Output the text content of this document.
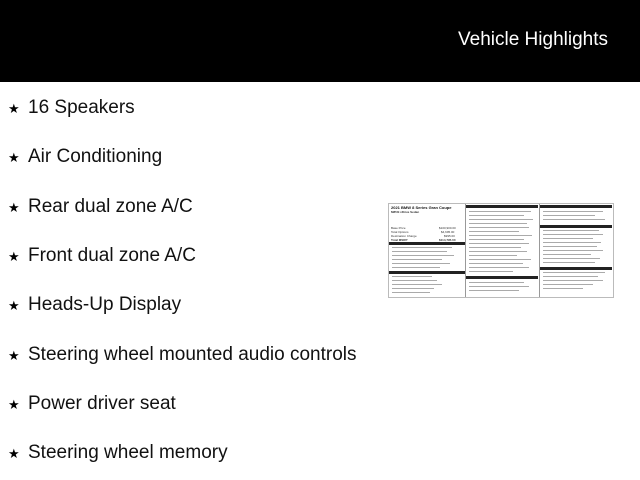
Vehicle Highlights
★ 16 Speakers
★ Air Conditioning
★ Rear dual zone A/C
★ Front dual zone A/C
★ Heads-Up Display
★ Steering wheel mounted audio controls
★ Power driver seat
★ Steering wheel memory
2021 BMW 8 Series Gran Coupe
M850i xDrive Sedan
Base Price	$100,900.00
Total Options	$4,695.00
Destination Charge	$995.00
Total MSRP	$114,795.00
